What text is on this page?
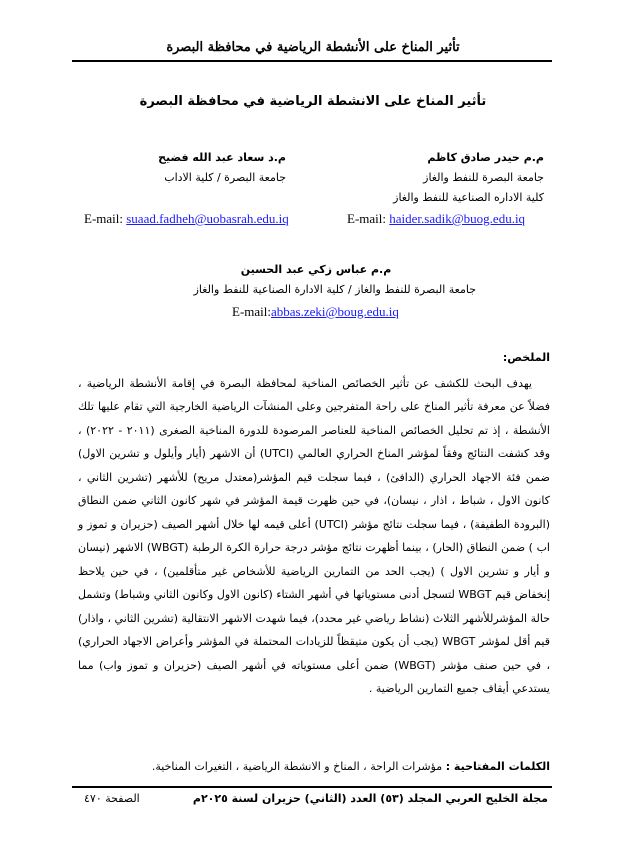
تأثير المناخ على الأنشطة الرياضية في محافظة البصرة
تأثير المناخ على الانشطة الرياضية في محافظة البصرة
م.م حيدر صادق كاظم
جامعة البصرة للنفط والغاز
كلية الاداره الصناعية للنفط والغاز
م.د سعاد عبد الله فضيح
جامعة البصرة / كلية الاداب
E-mail: haider.sadik@buog.edu.iq
E-mail: suaad.fadheh@uobasrah.edu.iq
م.م عباس زكي عبد الحسين
جامعة البصرة للنفط والغاز / كلية الادارة الصناعية للنفط والغاز
E-mail:abbas.zeki@boug.edu.iq
الملخص:
يهدف البحث للكشف عن تأثير الخصائص المناخية لمحافظة البصرة في إقامة الأنشطة الرياضية ، فضلاً عن معرفة تأثير المناخ على راحة المتفرجين وعلى المنشآت الرياضية الخارجية التي تقام عليها تلك الأنشطة ، إذ تم تحليل الخصائص المناخية للعناصر المرصودة للدورة المناخية الصغرى (٢٠١١ - ٢٠٢٢) ، وقد كشفت النتائج وفقاً لمؤشر المناخ الحراري العالمي (UTCI) أن الاشهر (أيار وأيلول و تشرين الاول) ضمن فئة الاجهاد الحراري (الدافئ) ، فيما سجلت قيم المؤشر(معتدل مريح) للأشهر (تشرين الثاني ، كانون الاول ، شباط ، اذار ، نيسان)، في حين ظهرت قيمة المؤشر في شهر كانون الثاني ضمن النطاق (البرودة الطفيفة) ، فيما سجلت نتائج مؤشر (UTCI) أعلى قيمه لها خلال أشهر الصيف (حزيران و تموز و اب ) ضمن النطاق (الحار) ، بينما أظهرت نتائج مؤشر درجة حرارة الكرة الرطبة (WBGT) الاشهر (نيسان و أيار و تشرين الاول ) (يجب الحد من التمارين الرياضية للأشخاص غير متأقلمين) ، في حين يلاحظ إنخفاض قيم WBGT لتسجل أدنى مستوياتها في أشهر الشتاء (كانون الاول وكانون الثاني وشباط) وتشمل حالة المؤشرللأشهر الثلاث (نشاط رياضي غير محدد)، فيما شهدت الاشهر الانتقالية (تشرين الثاني ، واذار) قيم أقل لمؤشر WBGT (يجب أن يكون متيقظاً للزيادات المحتملة في المؤشر وأعراض الاجهاد الحراري) ، في حين صنف مؤشر (WBGT) ضمن أعلى مستوياته في أشهر الصيف (حزيران و تموز واب) مما يستدعي أيقاف جميع التمارين الرياضية .
الكلمات المفتاحية : مؤشرات الراحة ، المناخ و الانشطة الرياضية ، التغيرات المناخية.
مجلة الخليج العربي المجلد (٥٣) العدد (الثاني) حزيران لسنة ٢٠٢٥م
الصفحة ٤٧٠
